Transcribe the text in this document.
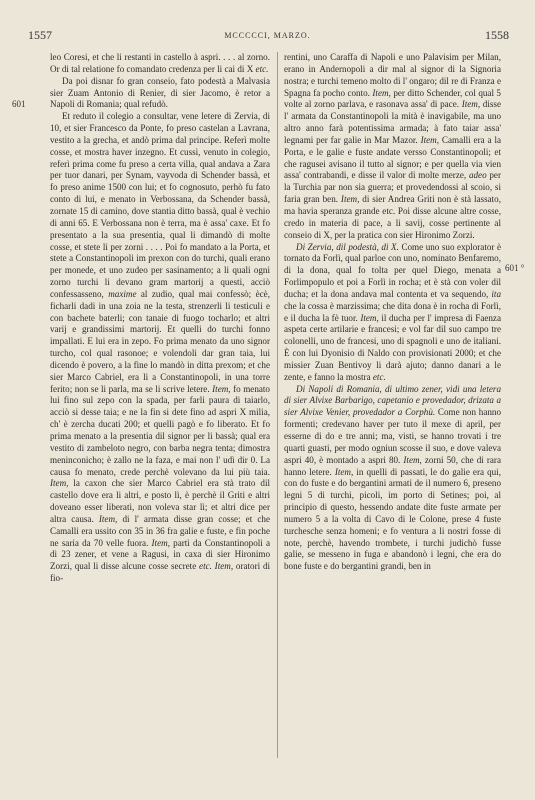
1557	MCCCCCI, MARZO.	1558
601
601 °

leo Coresi, et che li restanti in castello à aspri. . . . al zorno. Or di tal relatione fo comandato credenza per li cai di X etc.

Da poi disnar fo gran conseio, fato podestà a Malvasia sier Zuam Antonio di Renier, di sier Jacomo, è retor a Napoli di Romania; qual refudò.

Et reduto il colegio a consultar, vene letere di Zervia, di 10, et sier Francesco da Ponte, fo preso castelan a Lavrana, vestito a la grecha, et andò prima dal principe. Referì molte cosse, et mostra haver inzegno. Et cussì, venuto in colegio, referì prima come fu preso a certa villa, qual andava a Zara per tuor danari, per Synam, vayvoda di Schender bassà, et fo preso anime 1500 con lui; et fo cognosuto, perhò fu fato conto di lui, e menato in Verbossana, da Schender bassà, zornate 15 di camino, dove stantia ditto bassà, qual è vechio di anni 65. E Verbossana non è terra, ma è assa' caxe. Et fo presentato a la sua presentia, qual li dimandò di molte cosse, et stete lì per zorni . . . . Poi fo mandato a la Porta, et stete a Constantinopoli im prexon con do turchi, quali erano per monede, et uno zudeo per sasinamento; a li quali ogni zorno turchi li devano gram martorij a questi, acciò confessasseno, maxime al zudio, qual mai confessò; ècè, ficharli dadi in una zoia ne la testa, strenzerli li testiculi e con bachete baterli; con tanaie di fuogo tocharlo; et altri varij e grandissimi martorij. Et quelli do turchi fonno impallati. E lui era in zepo. Fo prima menato da uno signor turcho, col qual rasonoe; e volendoli dar gran taia, lui dicendo è povero, a la fine lo mandò in ditta prexom; et che sier Marco Cabriel, era lì a Constantinopoli, in una torre ferito; non se li parla, ma se li scrive letere. Item, fo menato lui fino sul zepo con la spada, per farli paura di taiarlo, acciò si desse taia; e ne la fin si dete fino ad aspri X milia, ch' è zercha ducati 200; et quelli pagò e fo liberato. Et fo prima menato a la presentia dil signor per li bassà; qual era vestito di zambeloto negro, con barba negra tenta; dimostra meninconicho; è zallo ne la faza, e mai non l' udì dir 0. La causa fo menato, crede perchè volevano da lui più taia. Item, la caxon che sier Marco Cabriel era stà trato dil castello dove era li altri, e posto lì, è perchè il Griti e altri doveano esser liberati, non voleva star lì; et altri dice per altra causa. Item, di l' armata disse gran cosse; et che Camalli era ussito con 35 in 36 fra galie e fuste, e fin poche ne saria da 70 velle fuora. Item, partì da Constantinopoli a dì 23 zener, et vene a Ragusi, in caxa di sier Hironimo Zorzi, qual li disse alcune cosse secrete etc. Item, oratori di fio-

rentini, uno Caraffa di Napoli e uno Palavisim per Milan, erano in Andernopoli a dir mal al signor di la Signoria nostra; e turchi temeno molto di l' ongaro; dil re di Franza e Spagna fa pocho conto. Item, per ditto Schender, col qual 5 volte al zorno parlava, e rasonava assa' di pace. Item, disse l' armata da Constantinopoli la mità è inavigabile, ma uno altro anno farà potentissima armada; à fato taiar assa' legnami per far galie in Mar Mazor. Item, Camalli era a la Porta, e le galie e fuste andate versso Constantinopoli; et che ragusei avisano il tutto al signor; e per quella via vien assa' contrabandi, e disse il valor di molte merze, adeo per la Turchia par non sia guerra; et provedendossi al scoio, si faria gran ben. Item, di sier Andrea Griti non è stà lassato, ma havia speranza grande etc. Poi disse alcune altre cosse, credo in materia di pace, a li savij, cosse pertinente al conseio di X, per la pratica con sier Hironimo Zorzi.

Di Zervia, dil podestà, di X. Come uno suo explorator è tornato da Forlì, qual parloe con uno, nominato Benfaremo, di la dona, qual fo tolta per quel Diego, menata a Forlimpopulo et poi a Forlì in rocha; et è stà con voler dil ducha; et la dona andava mal contenta et va sequendo, ita che la cossa è marzissima; che dita dona è in rocha di Forlì, e il ducha la fè tuor. Item, il ducha per l' impresa di Faenza aspeta certe artilarie e francesi; e vol far dil suo campo tre colonelli, uno de francesi, uno di spagnoli e uno de italiani. È con lui Dyonisio di Naldo con provisionati 2000; et che missier Zuan Bentivoy li darà ajuto; danno danari a le zente, e fanno la mostra etc.

Di Napoli di Romania, di ultimo zener, vidi una letera di sier Alvixe Barbarigo, capetanio e provedador, drizata a sier Alvixe Venier, provedador a Corphù. Come non hanno formenti; credevano haver per tuto il mexe di april, per esserne di do e tre anni; ma, visti, se hanno trovati i tre quarti guasti, per modo ogniun scosse il suo, e dove valeva aspri 40, è montado a aspri 80. Item, zorni 50, che di rara hanno letere. Item, in quelli di passati, le do galie era qui, con do fuste e do bergantini armati de il numero 6, preseno legni 5 di turchi, picoli, im porto di Setines; poi, al principio di questo, hessendo andate dite fuste armate per numero 5 a la volta di Cavo di le Colone, prese 4 fuste turchesche senza homeni; e fo ventura a li nostri fosse di note, perchè, havendo trombete, i turchi judichò fusse galie, se messeno in fuga e abandonò i legni, che era do bone fuste e do bergantini grandi, ben in
